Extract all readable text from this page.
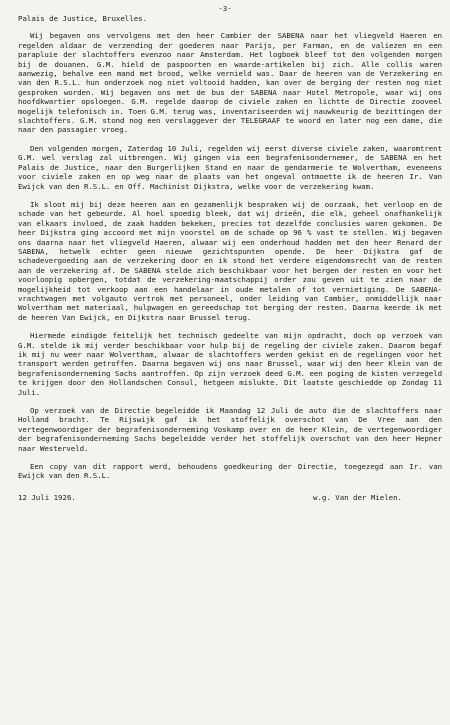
-3-
Palais de Justice, Bruxelles.

Wij begaven ons vervolgens met den heer Cambier der SABENA naar het vliegveld Haeren en regelden aldaar de verzending der goederen naar Parijs, per Farman, en de valiezen en een parapluie der slachtoffers evenzoo naar Amsterdam. Het logboek bleef tot den volgenden morgen bij de douanen. G.M. hield de paspoorten en waarde-artikelen bij zich. Alle collis waren aanwezig, behalve een mand met brood, welke vernield was. Daar de heeren van de Verzekering en van den R.S.L. hun onderzoek nog niet voltooid hadden, kan over de berging der resten nog niet gesproken worden. Wij begaven ons met de bus der SABENA naar Hotel Metropole, waar wij ons hoofdkwartier opsloegen. G.M. regelde daarop de civiele zaken en lichtte de Directie zooveel mogelijk telefonisch in. Toen G.M. terug was, inventariseerden wij nauwkeurig de bezittingen der slachtoffers. G.M. stond nog een verslaggever der TELEGRAAF te woord en later nog een dame, die naar den passagier vroeg.

Den volgenden morgen, Zaterdag 10 Juli, regelden wij eerst diverse civiele zaken, waaromtrent G.M. wel verslag zal uitbrengen. Wij gingen via een begrafenisondernemer, de SABENA en het Palais de Justice, naar den Burgerlijken Stand en naar de gendarmerie te Wolvertham, eveneens voor civiele zaken en op weg naar de plaats van het ongeval ontmoette ik de heeren Ir. Van Ewijck van den R.S.L. en Off. Machinist Dijkstra, welke voor de verzekering kwam.

Ik sloot mij bij deze heeren aan en gezamenlijk bespraken wij de oorzaak, het verloop en de schade van het gebeurde. Al hoel spoedig bleek, dat wij drieën, die elk, geheel onafhankelijk van elkaars invloed, de zaak hadden bekeken, precies tot dezelfde conclusies waren gekomen. De heer Dijkstra ging accoord met mijn voorstel om de schade op 96 % vast te stellen. Wij begaven ons daarna naar het vliegveld Haeren, alwaar wij een onderhoud hadden met den heer Renard der SABENA, hetwelk echter geen nieuwe gezichtspunten opende. De heer Dijkstra gaf de schadevergoeding aan de verzekering door en ik stond het verdere eigendomsrecht van de resten aan de verzekering af. De SABENA stelde zich beschikbaar voor het bergen der resten en voor het voorloopig opbergen, totdat de verzekering-maatschappij order zou geven uit te zien naar de mogelijkheid tot verkoop aan een handelaar in oude metalen of tot vernietiging. De SABENA-vrachtwagen met volgauto vertrok met personeel, onder leiding van Cambier, onmiddellijk naar Wolvertham met materiaal, hulpwagen en gereedschap tot berging der resten. Daarna keerde ik met de heeren Van Ewijck, en Dijkstra naar Brussel terug.

Hiermede eindigde feitelijk het technisch gedeelte van mijn opdracht, doch op verzoek van G.M. stelde ik mij verder beschikbaar voor hulp bij de regeling der civiele zaken. Daarom begaf ik mij nu weer naar Wolvertham, alwaar de slachtoffers werden gekist en de regelingen voor het transport werden getroffen. Daarna begaven wij ons naar Brussel, waar wij den heer Klein van de begrafenisonderneming Sachs aantroffen. Op zijn verzoek deed G.M. een poging de kisten verzegeld te krijgen door den Hollandschen Consul, hetgeen mislukte. Dit laatste geschiedde op Zondag 11 Juli.

Op verzoek van de Directie begeleidde ik Maandag 12 Juli de auto die de slachtoffers naar Holland bracht. Te Rijswijk gaf ik het stoffelijk overschot van De Vree aan den vertegenwoordiger der begrafenisonderneming Voskamp over en de heer Klein, de vertegenwoordiger der begrafenisonderneming Sachs begeleidde verder het stoffelijk overschot van den heer Hepner naar Westerveld.

Een copy van dit rapport werd, behoudens goedkeuring der Directie, toegezegd aan Ir. van Ewijck van den R.S.L.

12 Juli 1926.	w.g. Van der Mielen.
